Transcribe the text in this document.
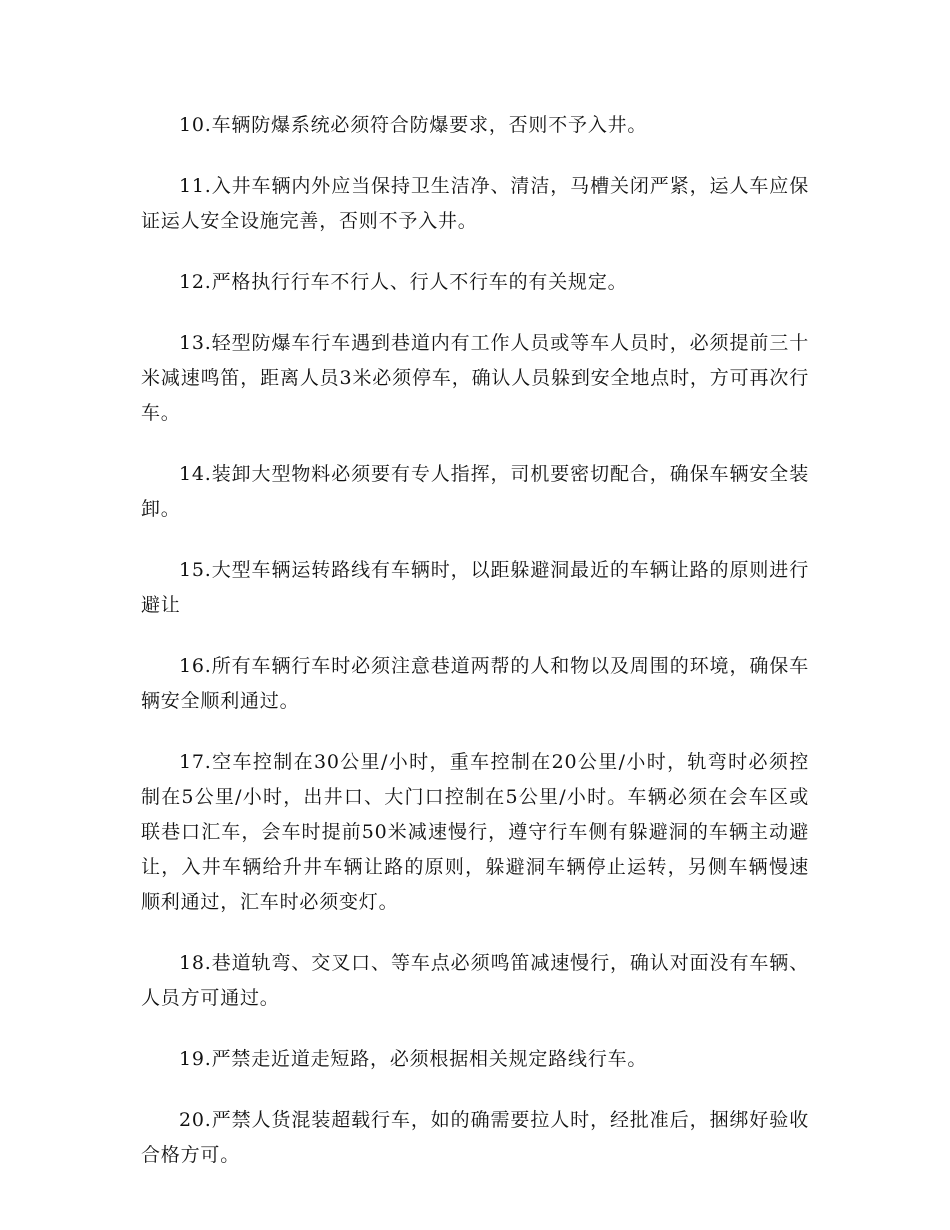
10.车辆防爆系统必须符合防爆要求，否则不予入井。

11.入井车辆内外应当保持卫生洁净、清洁，马槽关闭严紧，运人车应保证运人安全设施完善，否则不予入井。

12.严格执行行车不行人、行人不行车的有关规定。

13.轻型防爆车行车遇到巷道内有工作人员或等车人员时，必须提前三十米减速鸣笛，距离人员3米必须停车，确认人员躲到安全地点时，方可再次行车。

14.装卸大型物料必须要有专人指挥，司机要密切配合，确保车辆安全装卸。

15.大型车辆运转路线有车辆时，以距躲避洞最近的车辆让路的原则进行避让

16.所有车辆行车时必须注意巷道两帮的人和物以及周围的环境，确保车辆安全顺利通过。

17.空车控制在30公里/小时，重车控制在20公里/小时，轨弯时必须控制在5公里/小时，出井口、大门口控制在5公里/小时。车辆必须在会车区或联巷口汇车，会车时提前50米减速慢行，遵守行车侧有躲避洞的车辆主动避让，入井车辆给升井车辆让路的原则，躲避洞车辆停止运转，另侧车辆慢速顺利通过，汇车时必须变灯。

18.巷道轨弯、交叉口、等车点必须鸣笛减速慢行，确认对面没有车辆、人员方可通过。

19.严禁走近道走短路，必须根据相关规定路线行车。

20.严禁人货混装超载行车，如的确需要拉人时，经批准后，捆绑好验收合格方可。
